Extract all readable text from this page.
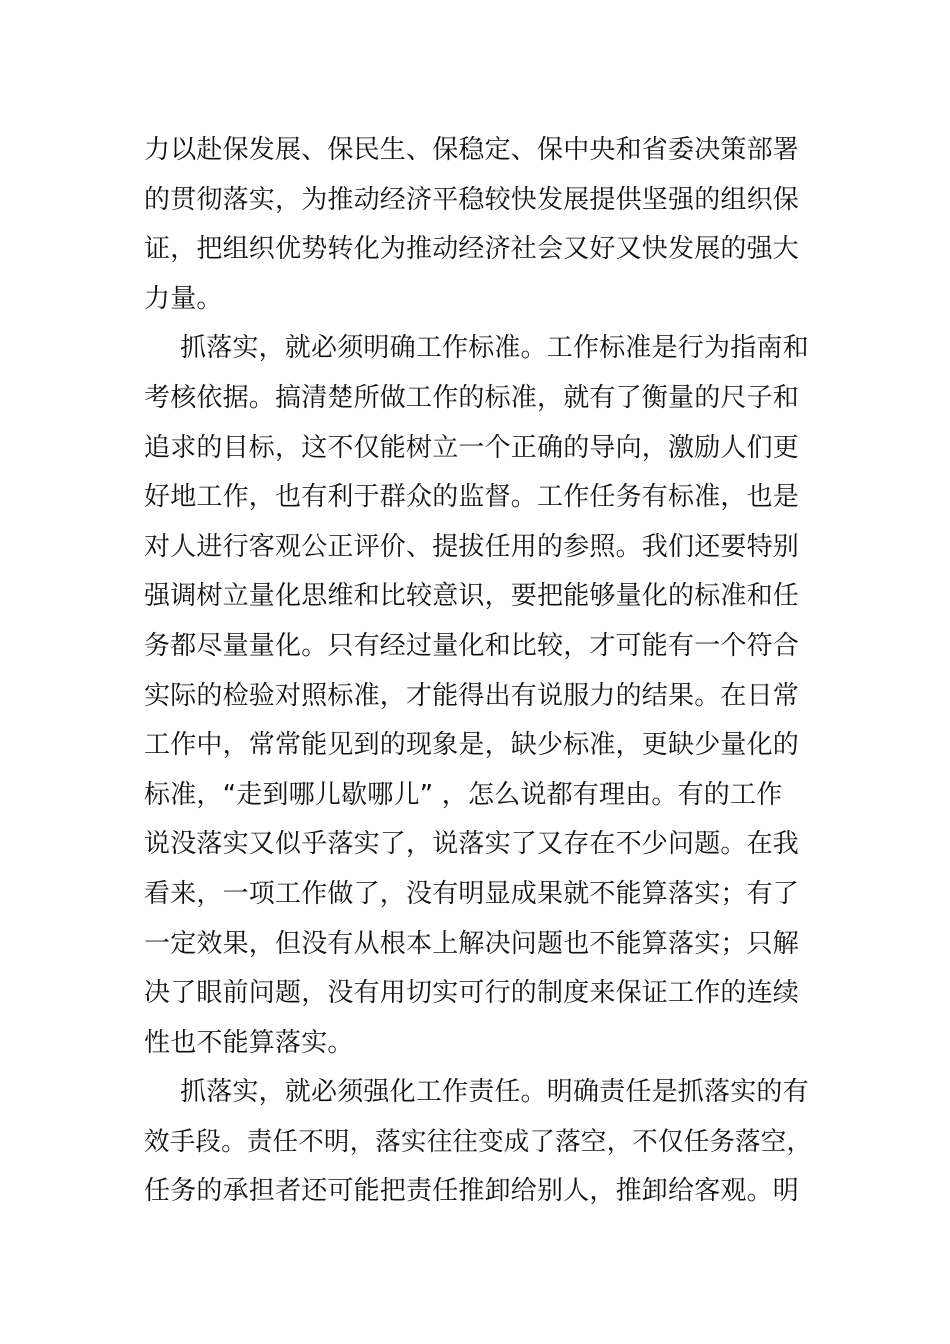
力以赴保发展、保民生、保稳定、保中央和省委决策部署
的贯彻落实，为推动经济平稳较快发展提供坚强的组织保
证，把组织优势转化为推动经济社会又好又快发展的强大
力量。
抓落实，就必须明确工作标准。工作标准是行为指南和
考核依据。搞清楚所做工作的标准，就有了衡量的尺子和
追求的目标，这不仅能树立一个正确的导向，激励人们更
好地工作，也有利于群众的监督。工作任务有标准，也是
对人进行客观公正评价、提拔任用的参照。我们还要特别
强调树立量化思维和比较意识，要把能够量化的标准和任
务都尽量量化。只有经过量化和比较，才可能有一个符合
实际的检验对照标准，才能得出有说服力的结果。在日常
工作中，常常能见到的现象是，缺少标准，更缺少量化的
标准，“走到哪儿歇哪儿” ，怎么说都有理由。有的工作
说没落实又似乎落实了，说落实了又存在不少问题。在我
看来，一项工作做了，没有明显成果就不能算落实；有了
一定效果，但没有从根本上解决问题也不能算落实；只解
决了眼前问题，没有用切实可行的制度来保证工作的连续
性也不能算落实。
抓落实，就必须强化工作责任。明确责任是抓落实的有
效手段。责任不明，落实往往变成了落空，不仅任务落空，
任务的承担者还可能把责任推卸给别人，推卸给客观。明
